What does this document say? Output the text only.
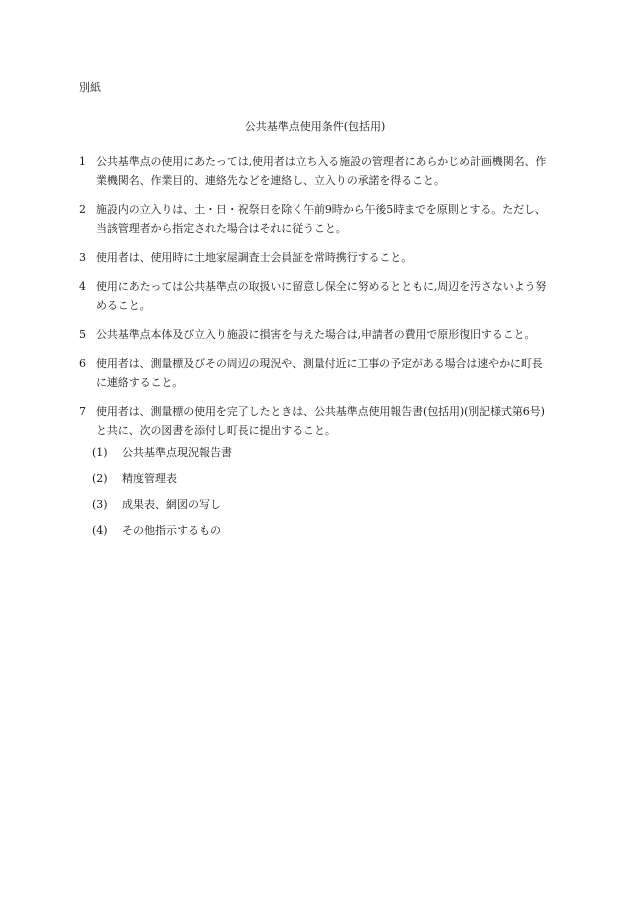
別紙
公共基準点使用条件(包括用)
1 公共基準点の使用にあたっては,使用者は立ち入る施設の管理者にあらかじめ計画機関名、作業機関名、作業目的、連絡先などを連絡し、立入りの承諾を得ること。
2 施設内の立入りは、土・日・祝祭日を除く午前9時から午後5時までを原則とする。ただし、当該管理者から指定された場合はそれに従うこと。
3 使用者は、使用時に土地家屋調査士会員証を常時携行すること。
4 使用にあたっては公共基準点の取扱いに留意し保全に努めるとともに,周辺を汚さないよう努めること。
5 公共基準点本体及び立入り施設に損害を与えた場合は,申請者の費用で原形復旧すること。
6 使用者は、測量標及びその周辺の現況や、測量付近に工事の予定がある場合は速やかに町長に連絡すること。
7 使用者は、測量標の使用を完了したときは、公共基準点使用報告書(包括用)(別記様式第6号)と共に、次の図書を添付し町長に提出すること。
(1) 公共基準点現況報告書
(2) 精度管理表
(3) 成果表、網図の写し
(4) その他指示するもの
